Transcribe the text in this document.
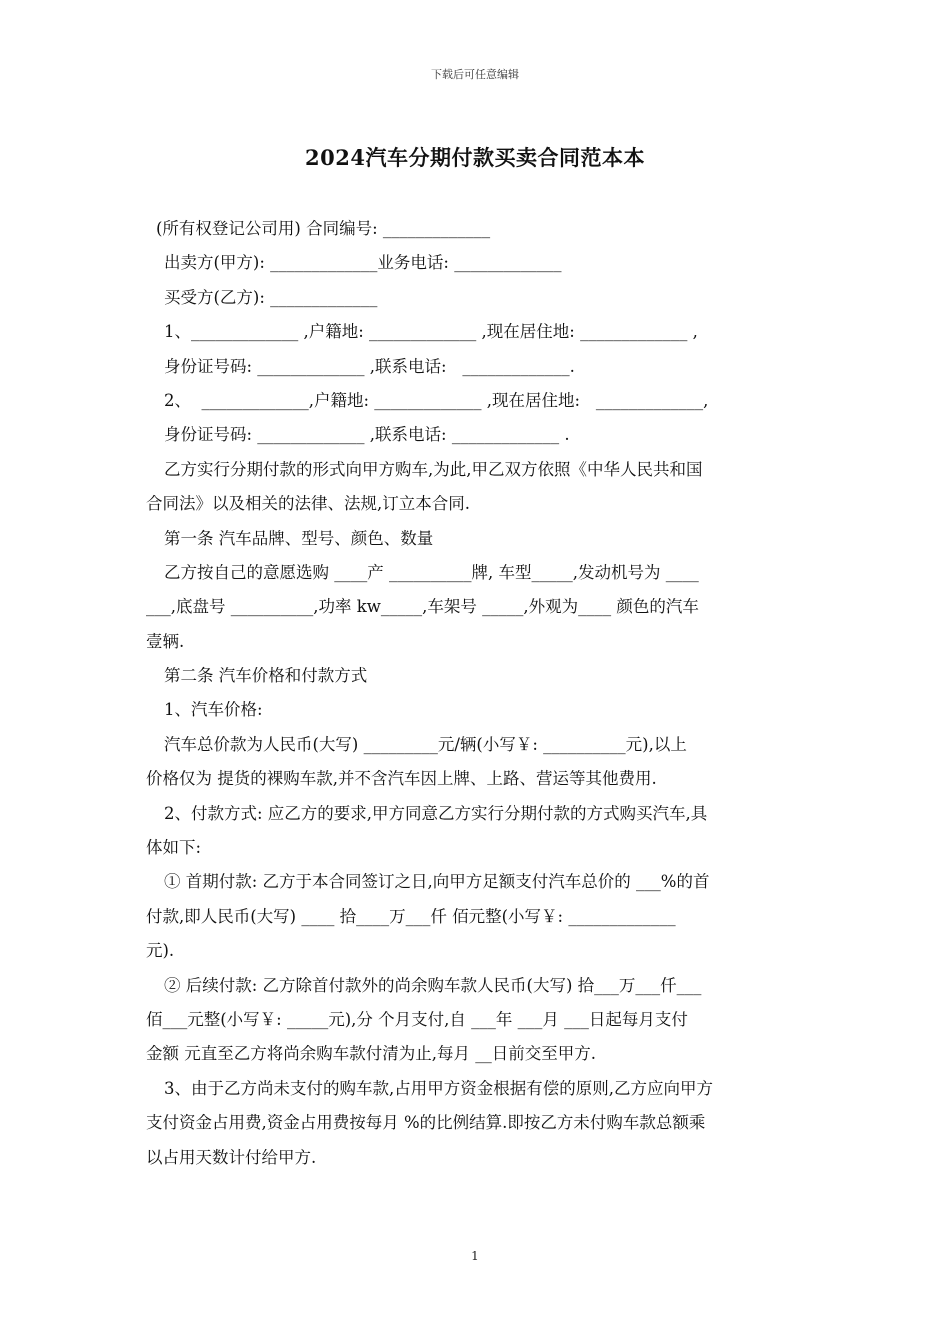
下载后可任意编辑
2024汽车分期付款买卖合同范本本
(所有权登记公司用) 合同编号: _____________
出卖方(甲方): _____________业务电话: _____________
买受方(乙方): _____________
1、_____________ ,户籍地: _____________ ,现在居住地: _____________ ,
身份证号码: _____________ ,联系电话:   _____________.
2、  _____________,户籍地: _____________ ,现在居住地:   _____________,
身份证号码: _____________ ,联系电话: _____________ .
乙方实行分期付款的形式向甲方购车,为此,甲乙双方依照《中华人民共和国
合同法》以及相关的法律、法规,订立本合同.
第一条 汽车品牌、型号、颜色、数量
乙方按自己的意愿选购 ____产 __________牌, 车型_____,发动机号为 ____
___,底盘号 __________,功率 kw_____,车架号 _____,外观为____ 颜色的汽车
壹辆.
第二条 汽车价格和付款方式
1、汽车价格:
汽车总价款为人民币(大写) _________元/辆(小写￥: __________元),以上
价格仅为 提货的裸购车款,并不含汽车因上牌、上路、营运等其他费用.
2、付款方式: 应乙方的要求,甲方同意乙方实行分期付款的方式购买汽车,具
体如下:
① 首期付款: 乙方于本合同签订之日,向甲方足额支付汽车总价的 ___%的首
付款,即人民币(大写) ____ 拾____万___仟 佰元整(小写￥: _____________
元).
② 后续付款: 乙方除首付款外的尚余购车款人民币(大写) 拾___万___仟___
佰___元整(小写￥: _____元),分 个月支付,自 ___年 ___月 ___日起每月支付
金额 元直至乙方将尚余购车款付清为止,每月 __日前交至甲方.
3、由于乙方尚未支付的购车款,占用甲方资金根据有偿的原则,乙方应向甲方
支付资金占用费,资金占用费按每月 %的比例结算.即按乙方未付购车款总额乘
以占用天数计付给甲方.
1
